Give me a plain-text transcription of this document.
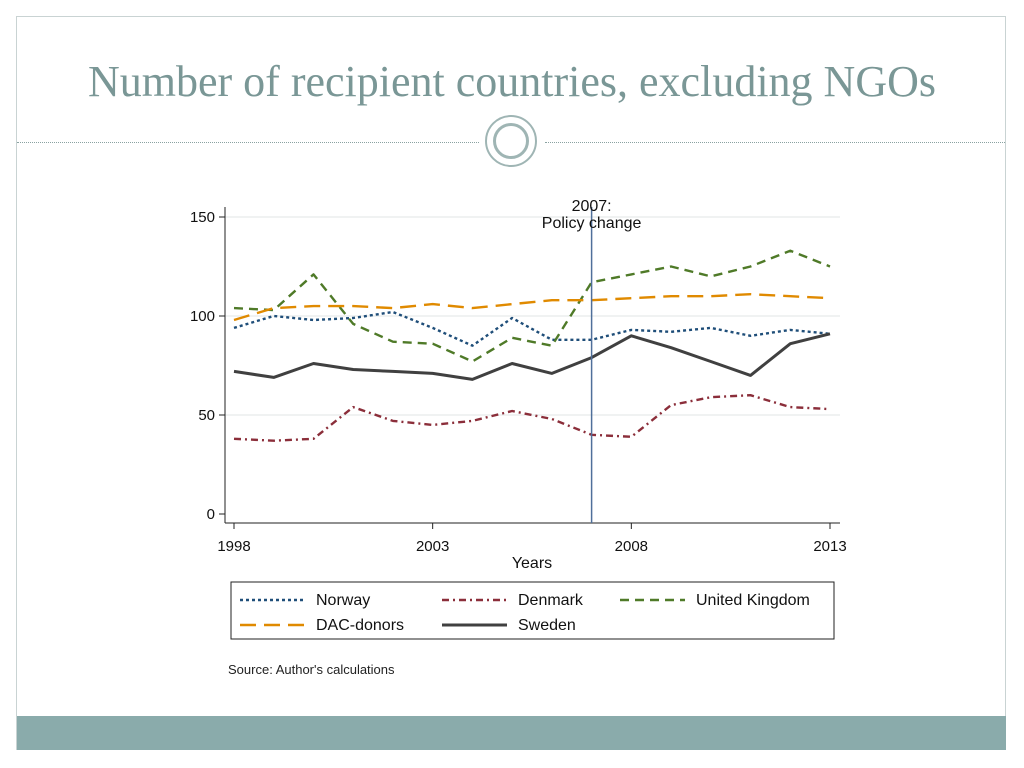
Number of recipient countries, excluding NGOs
0
50
100
150
1998	2003	2008	2013
Years
2007:
Policy change
Norway	Denmark	United Kingdom
DAC-donors	Sweden
Source: Author's calculations
